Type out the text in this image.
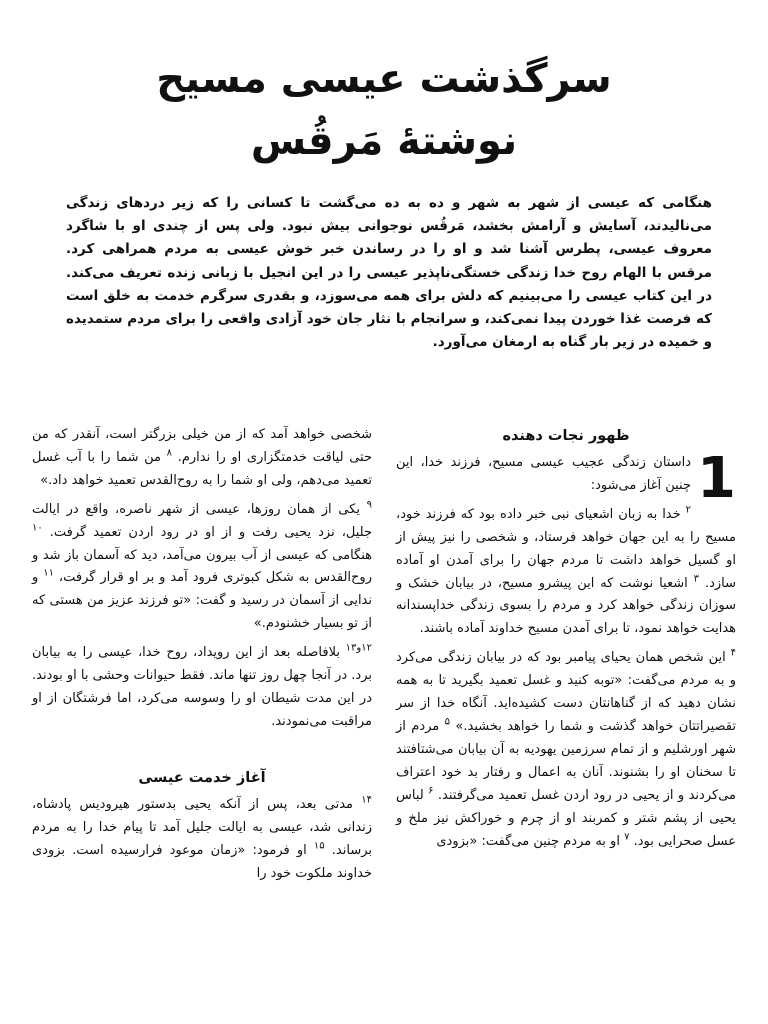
سرگذشت عیسی مسیح
نوشتهٔ مَرقُس

هنگامی که عیسی از شهر به شهر و ده به ده می‌گشت تا کسانی را که زیر دردهای زندگی می‌نالیدند، آسایش و آرامش بخشد، مَرقُس نوجوانی بیش نبود. ولی پس از چندی او با شاگرد معروف عیسی، پطرس آشنا شد و او را در رساندن خبر خوش عیسی به مردم همراهی کرد. مرقس با الهام روح خدا زندگی خستگی‌ناپذیر عیسی را در این انجیل با زبانی زنده تعریف می‌کند. در این کتاب عیسی را می‌بینیم که دلش برای همه می‌سوزد، و بقدری سرگرم خدمت به خلق است که فرصت غذا خوردن پیدا نمی‌کند، و سرانجام با نثار جان خود آزادی واقعی را برای مردم ستمدیده و خمیده در زیر بار گناه به ارمغان می‌آورد.

ظهور نجات دهنده

1
داستان زندگی عجیب عیسی مسیح، فرزند خدا، این چنین آغاز می‌شود:

$^۲$ خدا به زبان اشعیای نبی خبر داده بود که فرزند خود، مسیح را به این جهان خواهد فرستاد، و شخصی را نیز پیش از او گسیل خواهد داشت تا مردم جهان را برای آمدن او آماده سازد. $^۳$ اشعیا نوشت که این پیشرو مسیح، در بیابان خشک و سوزان زندگی خواهد کرد و مردم را بسوی زندگی خداپسندانه هدایت خواهد نمود، تا برای آمدن مسیح خداوند آماده باشند.

$^۴$ این شخص همان یحیای پیامبر بود که در بیابان زندگی می‌کرد و به مردم می‌گفت: «توبه کنید و غسل تعمید بگیرید تا به همه نشان دهید که از گناهانتان دست کشیده‌اید. آنگاه خدا از سر تقصیراتتان خواهد گذشت و شما را خواهد بخشید.» $^۵$ مردم از شهر اورشلیم و از تمام سرزمین یهودیه به آن بیابان می‌شتافتند تا سخنان او را بشنوند. آنان به اعمال و رفتار بد خود اعتراف می‌کردند و از یحیی در رود اردن غسل تعمید می‌گرفتند. $^۶$ لباس یحیی از پشم شتر و کمربند او از چرم و خوراکش نیز ملخ و عسل صحرایی بود. $^۷$ او به مردم چنین می‌گفت: «بزودی

شخصی خواهد آمد که از من خیلی بزرگتر است، آنقدر که من حتی لیاقت خدمتگزاری او را ندارم. $^۸$ من شما را با آب غسل تعمید می‌دهم، ولی او شما را به روح‌القدس تعمید خواهد داد.»

$^۹$ یکی از همان روزها، عیسی از شهر ناصره، واقع در ایالت جلیل، نزد یحیی رفت و از او در رود اردن تعمید گرفت. $^{۱۰}$ هنگامی که عیسی از آب بیرون می‌آمد، دید که آسمان باز شد و روح‌القدس به شکل کبوتری فرود آمد و بر او قرار گرفت، $^{۱۱}$ و ندایی از آسمان در رسید و گفت: «تو فرزند عزیز من هستی که از تو بسیار خشنودم.»

$^{۱۲و۱۳}$ بلافاصله بعد از این رویداد، روح خدا، عیسی را به بیابان برد. در آنجا چهل روز تنها ماند. فقط حیوانات وحشی با او بودند. در این مدت شیطان او را وسوسه می‌کرد، اما فرشتگان از او مراقبت می‌نمودند.

آغاز خدمت عیسی

$^{۱۴}$ مدتی بعد، پس از آنکه یحیی بدستور هیرودیس پادشاه، زندانی شد، عیسی به ایالت جلیل آمد تا پیام خدا را به مردم برساند. $^{۱۵}$ او فرمود: «زمان موعود فرارسیده است. بزودی خداوند ملکوت خود را
